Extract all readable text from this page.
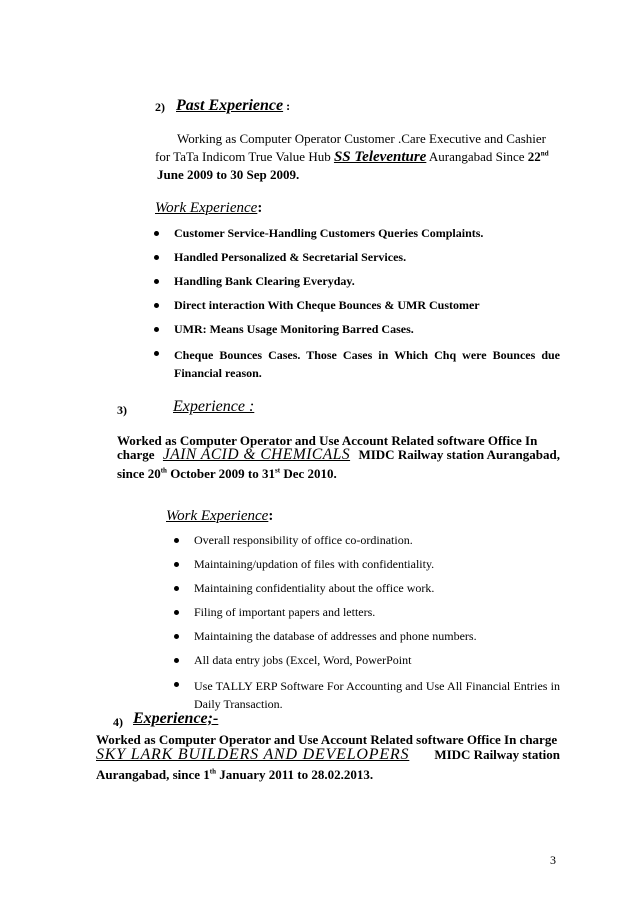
2) Past Experience :
Working as Computer Operator Customer .Care Executive and Cashier
for TaTa Indicom True Value Hub SS Televenture Aurangabad Since 22nd
June 2009 to 30 Sep 2009.
Work Experience:
Customer Service-Handling Customers Queries Complaints.
Handled Personalized & Secretarial Services.
Handling Bank Clearing Everyday.
Direct interaction With Cheque Bounces & UMR Customer
UMR: Means Usage Monitoring Barred Cases.
Cheque Bounces Cases. Those Cases in Which Chq were Bounces due Financial reason.
3)	Experience :
Worked as Computer Operator and Use Account Related software Office In
charge JAIN ACID & CHEMICALS MIDC Railway station Aurangabad,
since 20th October 2009 to 31st Dec 2010.
Work Experience:
Overall responsibility of office co-ordination.
Maintaining/updation of files with confidentiality.
Maintaining confidentiality about the office work.
Filing of important papers and letters.
Maintaining the database of addresses and phone numbers.
All data entry jobs (Excel, Word, PowerPoint
Use TALLY ERP Software For Accounting and Use All Financial Entries in Daily Transaction.
4) Experience;-
Worked as Computer Operator and Use Account Related software Office In charge
SKY LARK BUILDERS AND DEVELOPERS MIDC Railway station
Aurangabad, since 1th January 2011 to 28.02.2013.
3
